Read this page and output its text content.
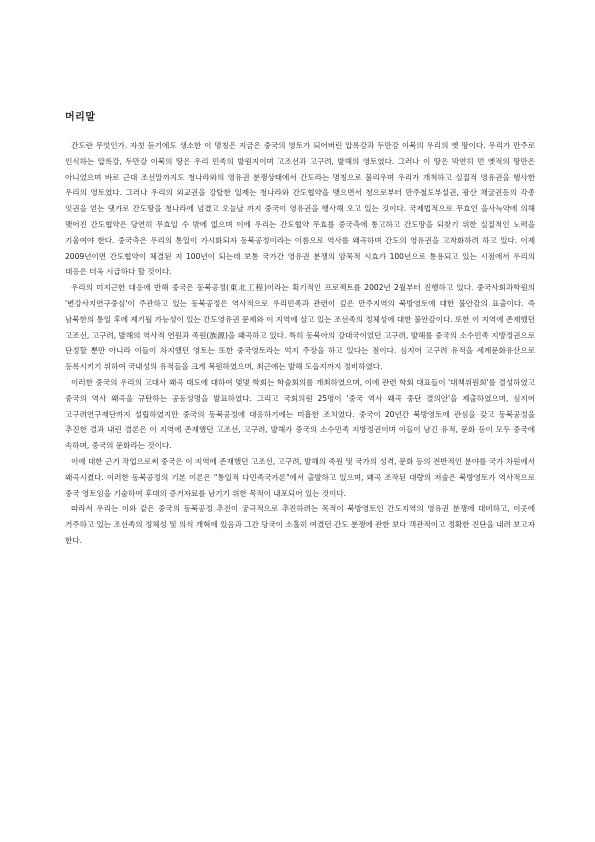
머리말

간도란 무엇인가. 자칫 듣기에도 생소한 이 명칭은 지금은 중국의 영토가 되어버린 압록강과 두만강 이북의 우리의 옛 땅이다. 우리가 만주로 인식하는 압록강, 두만강 이북의 땅은 우리 민족의 발원지이며 고조선과 고구려, 발해의 영토였다. 그러나 이 땅은 막연히 먼 옛적의 땅만은 아니었으며 바로 근대 조선말까지도 청나라와의 영유권 분쟁상태에서 간도라는 명칭으로 불리우며 우리가 개척하고 실질적 영유권을 행사한 우리의 영토였다. 그러나 우리의 외교권을 강탈한 일제는 청나라와 간도협약을 맺으면서 청으로부터 만주철도부설권, 광산 채굴권등의 각종 잇권을 얻는 댓가로 간도땅을 청나라에 넘겼고 오늘날 까지 중국이 영유권을 행사해 오고 있는 것이다. 국제법적으로 무효인 을사늑약에 의해 맺어진 간도협약은 당연히 무효일 수 밖에 없으며 이에 우리는 간도협약 무효를 중국측에 통고하고 간도땅을 되찾기 위한 실질적인 노력을 기울여야 한다. 중국측은 우리의 통일이 가시화되자 동북공정이라는 이름으로 역사를 왜곡하며 간도의 영유권을 고착화하려 하고 있다. 이제 2009년이면 간도협약이 체결된 지 100년이 되는데 보통 국가간 영유권 분쟁의 암묵적 시효가 100년으로 통용되고 있는 시점에서 우리의 대응은 더욱 시급하다 할 것이다.

우리의 미지근한 대응에 반해 중국은 동북공정(東北工程)이라는 획기적인 프로젝트를 2002년 2월부터 진행하고 있다. 중국사회과학원의 '변강사지연구중심'이 주관하고 있는 동북공정은 역사적으로 우리민족과 관련이 깊은 만주지역의 북방영토에 대한 불안감의 표출이다. 즉 남북한의 통일 후에 제기될 가능성이 있는 간도영유권 문제와 이 지역에 살고 있는 조선족의 정체성에 대한 불안감이다. 또한 이 지역에 존재했던 고조선, 고구려, 발해의 역사적 연원과 족원(族源)을 왜곡하고 있다. 특히 동북아의 강대국이었던 고구려, 발해를 중국의 소수민족 지방정권으로 단정할 뿐만 아니라 이들이 차지했던 영토는 또한 중국영토라는 억지 주장을 하고 있다는 점이다. 심지어 고구려 유적을 세계문화유산으로 등록시키기 위하여 국내성의 유적들을 크게 복원하였으며, 최근에는 발해 도읍지까지 정비하였다.

이러한 중국의 우리의 고대사 왜곡 태도에 대하여 몇몇 학회는 학술회의를 개최하였으며, 이에 관련 학회 대표들이 '대책위원회'를 결성하였고 중국의 역사 왜곡을 규탄하는 공동성명을 발표하였다. 그리고 국회의원 25명이 '중국 역사 왜곡 중단 결의안'을 제출하였으며, 심지어 고구려연구재단까지 설립하였지만 중국의 동북공정에 대응하기에는 미흡한 조치였다. 중국이 20년간 북방영토에 관심을 갖고 동북공정을 추진한 결과 내린 결론은 이 지역에 존재했던 고조선, 고구려, 발해가 중국의 소수민족 지방정권이며 이들이 남긴 유적, 문화 등이 모두 중국에 속하며, 중국의 문화라는 것이다.

이에 대한 근거 작업으로써 중국은 이 지역에 존재했던 고조선, 고구려, 발해의 족원 및 국가의 성격, 문화 등의 전반적인 분야를 국가 차원에서 왜곡시켰다. 이러한 동북공정의 기본 이론은 "통일적 다민족국가론"에서 출발하고 있으며, 왜곡 조작된 대량의 저술은 북방영토가 역사적으로 중국 영토임을 기술하여 후대의 증거자료를 남기기 위한 목적이 내포되어 있는 것이다.

따라서 우리는 이와 같은 중국의 동북공정 추진이 궁극적으로 추진하려는 목적이 북방영토인 간도지역의 영유권 분쟁에 대비하고, 이곳에 거주하고 있는 조선족의 정체성 및 의식 개혁에 있음과 그간 당국이 소홀히 여겼던 간도 분쟁에 관한 보다 객관적이고 정확한 진단을 내려 보고자 한다.
